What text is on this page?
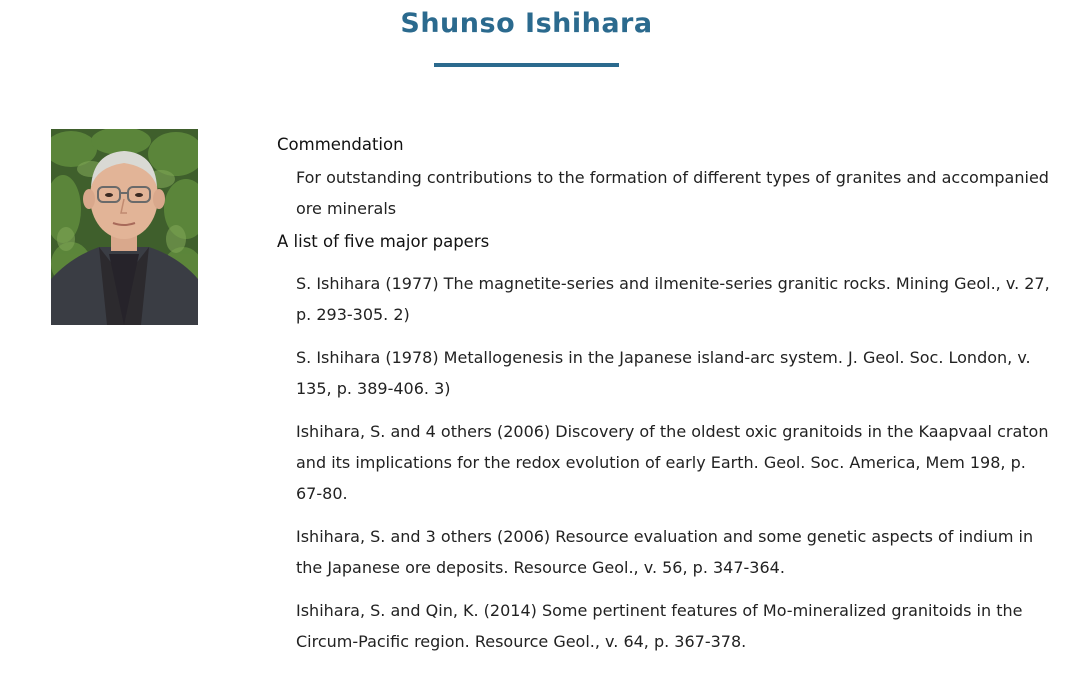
Shunso Ishihara
Commendation

For outstanding contributions to the formation of different types of granites and accompanied ore minerals

A list of five major papers
S. Ishihara (1977) The magnetite-series and ilmenite-series granitic rocks. Mining Geol., v. 27, p. 293-305. 2)
S. Ishihara (1978) Metallogenesis in the Japanese island-arc system. J. Geol. Soc. London, v. 135, p. 389-406. 3)
Ishihara, S. and 4 others (2006) Discovery of the oldest oxic granitoids in the Kaapvaal craton and its implications for the redox evolution of early Earth. Geol. Soc. America, Mem 198, p. 67-80.
Ishihara, S. and 3 others (2006) Resource evaluation and some genetic aspects of indium in the Japanese ore deposits. Resource Geol., v. 56, p. 347-364.
Ishihara, S. and Qin, K. (2014) Some pertinent features of Mo-mineralized granitoids in the Circum-Pacific region. Resource Geol., v. 64, p. 367-378.
